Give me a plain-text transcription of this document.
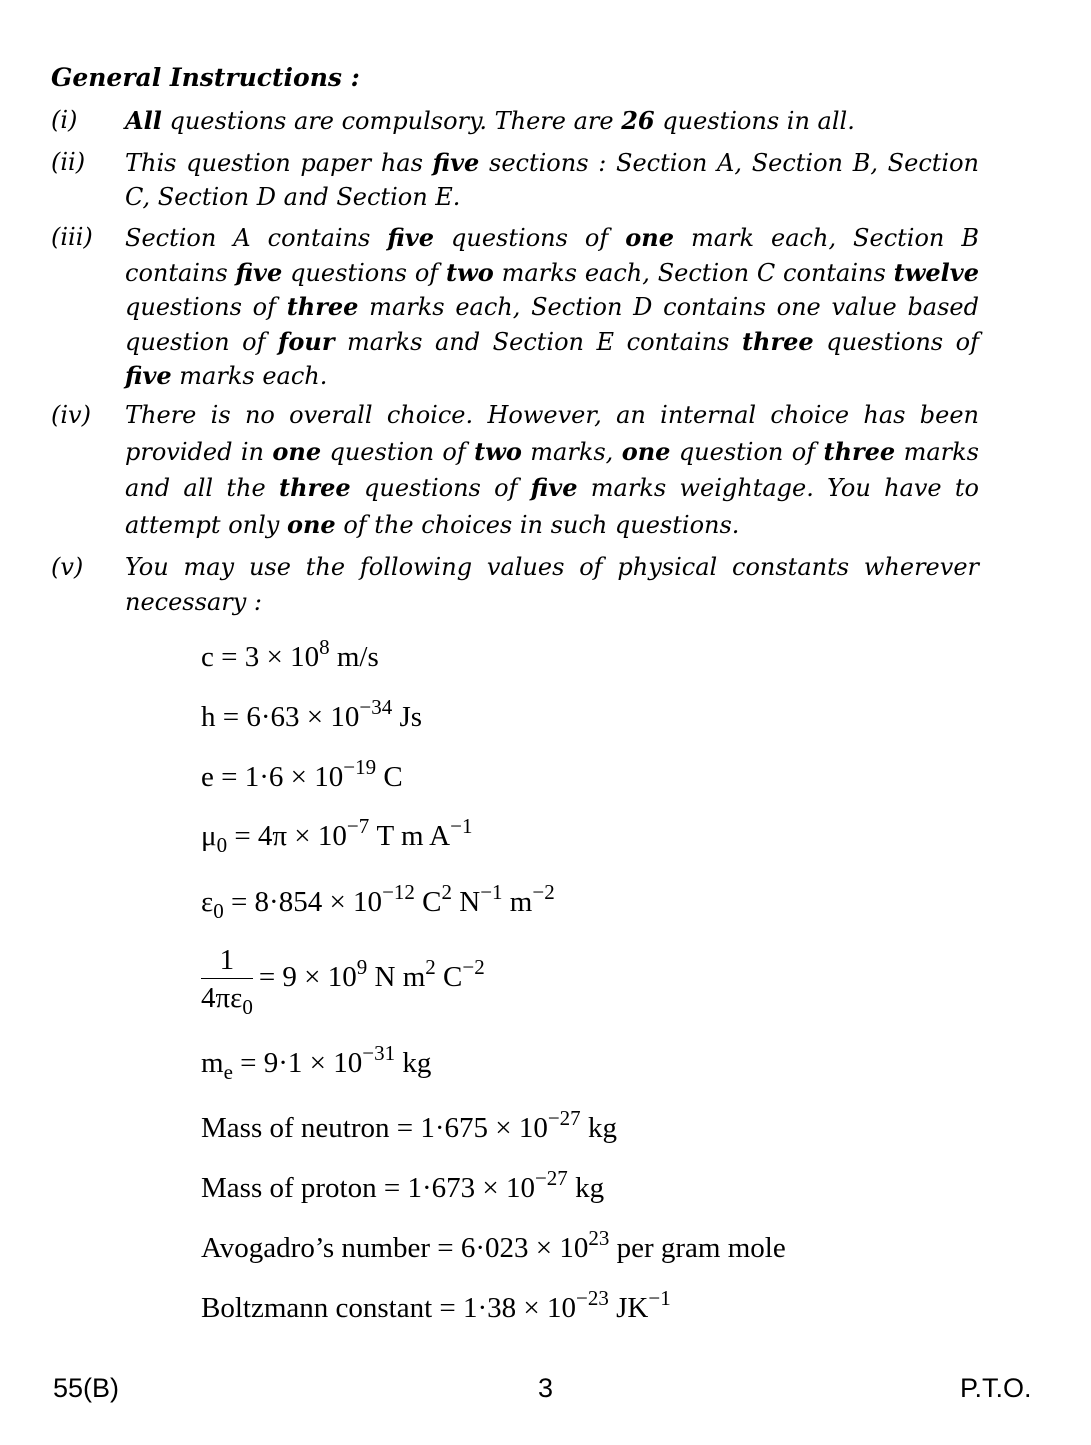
General Instructions :
(i)	All questions are compulsory. There are 26 questions in all.
(ii)	This question paper has five sections : Section A, Section B, Section C, Section D and Section E.
(iii)	Section A contains five questions of one mark each, Section B contains five questions of two marks each, Section C contains twelve questions of three marks each, Section D contains one value based question of four marks and Section E contains three questions of five marks each.
(iv)	There is no overall choice. However, an internal choice has been provided in one question of two marks, one question of three marks and all the three questions of five marks weightage. You have to attempt only one of the choices in such questions.
(v)	You may use the following values of physical constants wherever necessary :
$c = 3 \times 10^8$ m/s
$h = 6\cdot 63 \times 10^{-34}$ Js
$e = 1\cdot 6 \times 10^{-19}$ C
$\mu_0 = 4\pi \times 10^{-7}$ T m $A^{-1}$
$\varepsilon_0 = 8\cdot 854 \times 10^{-12}$ $C^2$ $N^{-1}$ $m^{-2}$
$\frac{1}{4\pi\varepsilon_0} = 9 \times 10^9$ N $m^2$ $C^{-2}$
$m_e = 9\cdot 1 \times 10^{-31}$ kg
Mass of neutron = $1\cdot 675 \times 10^{-27}$ kg
Mass of proton = $1\cdot 673 \times 10^{-27}$ kg
Avogadro’s number = $6\cdot 023 \times 10^{23}$ per gram mole
Boltzmann constant = $1\cdot 38 \times 10^{-23}$ $JK^{-1}$
55(B)	3	P.T.O.
